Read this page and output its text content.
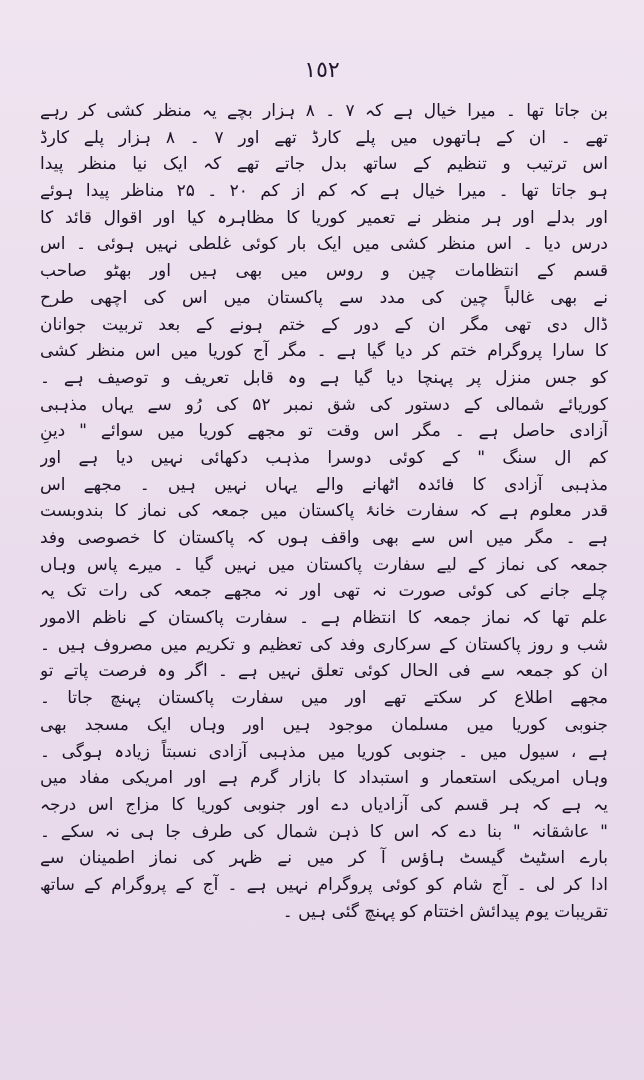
١٥٢
بن جاتا تھا ۔ میرا خیال ہے کہ ۷ ۔ ۸ ہزار بچے یہ منظر کشی کر رہے
تھے ۔ ان کے ہاتھوں میں پلے کارڈ تھے اور ۷ ۔ ۸ ہزار پلے کارڈ
اس ترتیب و تنظیم کے ساتھ بدل جاتے تھے کہ ایک نیا منظر پیدا
ہو جاتا تھا ۔ میرا خیال ہے کہ کم از کم ۲۰ ۔ ۲۵ مناظر پیدا ہوئے
اور بدلے اور ہر منظر نے تعمیر کوریا کا مظاہرہ کیا اور اقوال قائد کا
درس دیا ۔ اس منظر کشی میں ایک بار کوئی غلطی نہیں ہوئی ۔ اس
قسم کے انتظامات چین و روس میں بھی ہیں اور بھٹو صاحب
نے بھی غالباً چین کی مدد سے پاکستان میں اس کی اچھی طرح
ڈال دی تھی مگر ان کے دور کے ختم ہونے کے بعد تربیت جوانان
کا سارا پروگرام ختم کر دیا گیا ہے ۔ مگر آج کوریا میں اس منظر کشی
کو جس منزل پر پہنچا دیا گیا ہے وہ قابل تعریف و توصیف ہے ۔
کوریائے شمالی کے دستور کی شق نمبر ۵۲ کی رُو سے یہاں مذہبی
آزادی حاصل ہے ۔ مگر اس وقت تو مجھے کوریا میں سوائے " دینِ
کم ال سنگ " کے کوئی دوسرا مذہب دکھائی نہیں دیا ہے اور
مذہبی آزادی کا فائدہ اٹھانے والے یہاں نہیں ہیں ۔ مجھے اس
قدر معلوم ہے کہ سفارت خانۂ پاکستان میں جمعہ کی نماز کا بندوبست
ہے ۔ مگر میں اس سے بھی واقف ہوں کہ پاکستان کا خصوصی وفد
جمعہ کی نماز کے لیے سفارت پاکستان میں نہیں گیا ۔ میرے پاس وہاں
چلے جانے کی کوئی صورت نہ تھی اور نہ مجھے جمعہ کی رات تک یہ
علم تھا کہ نماز جمعہ کا انتظام ہے ۔ سفارت پاکستان کے ناظم الامور
شب و روز پاکستان کے سرکاری وفد کی تعظیم و تکریم میں مصروف ہیں ۔
ان کو جمعہ سے فی الحال کوئی تعلق نہیں ہے ۔ اگر وہ فرصت پاتے تو
مجھے اطلاع کر سکتے تھے اور میں سفارت پاکستان پہنچ جاتا ۔
جنوبی کوریا میں مسلمان موجود ہیں اور وہاں ایک مسجد بھی
ہے ، سیول میں ۔ جنوبی کوریا میں مذہبی آزادی نسبتاً زیادہ ہوگی ۔
وہاں امریکی استعمار و استبداد کا بازار گرم ہے اور امریکی مفاد میں
یہ ہے کہ ہر قسم کی آزادیاں دے اور جنوبی کوریا کا مزاج اس درجہ
" عاشقانہ " بنا دے کہ اس کا ذہن شمال کی طرف جا ہی نہ سکے ۔
بارے اسٹیٹ گیسٹ ہاؤس آ کر میں نے ظہر کی نماز اطمینان سے
ادا کر لی ۔ آج شام کو کوئی پروگرام نہیں ہے ۔ آج کے پروگرام کے ساتھ
تقریبات یوم پیدائش اختتام کو پہنچ گئی ہیں ۔
